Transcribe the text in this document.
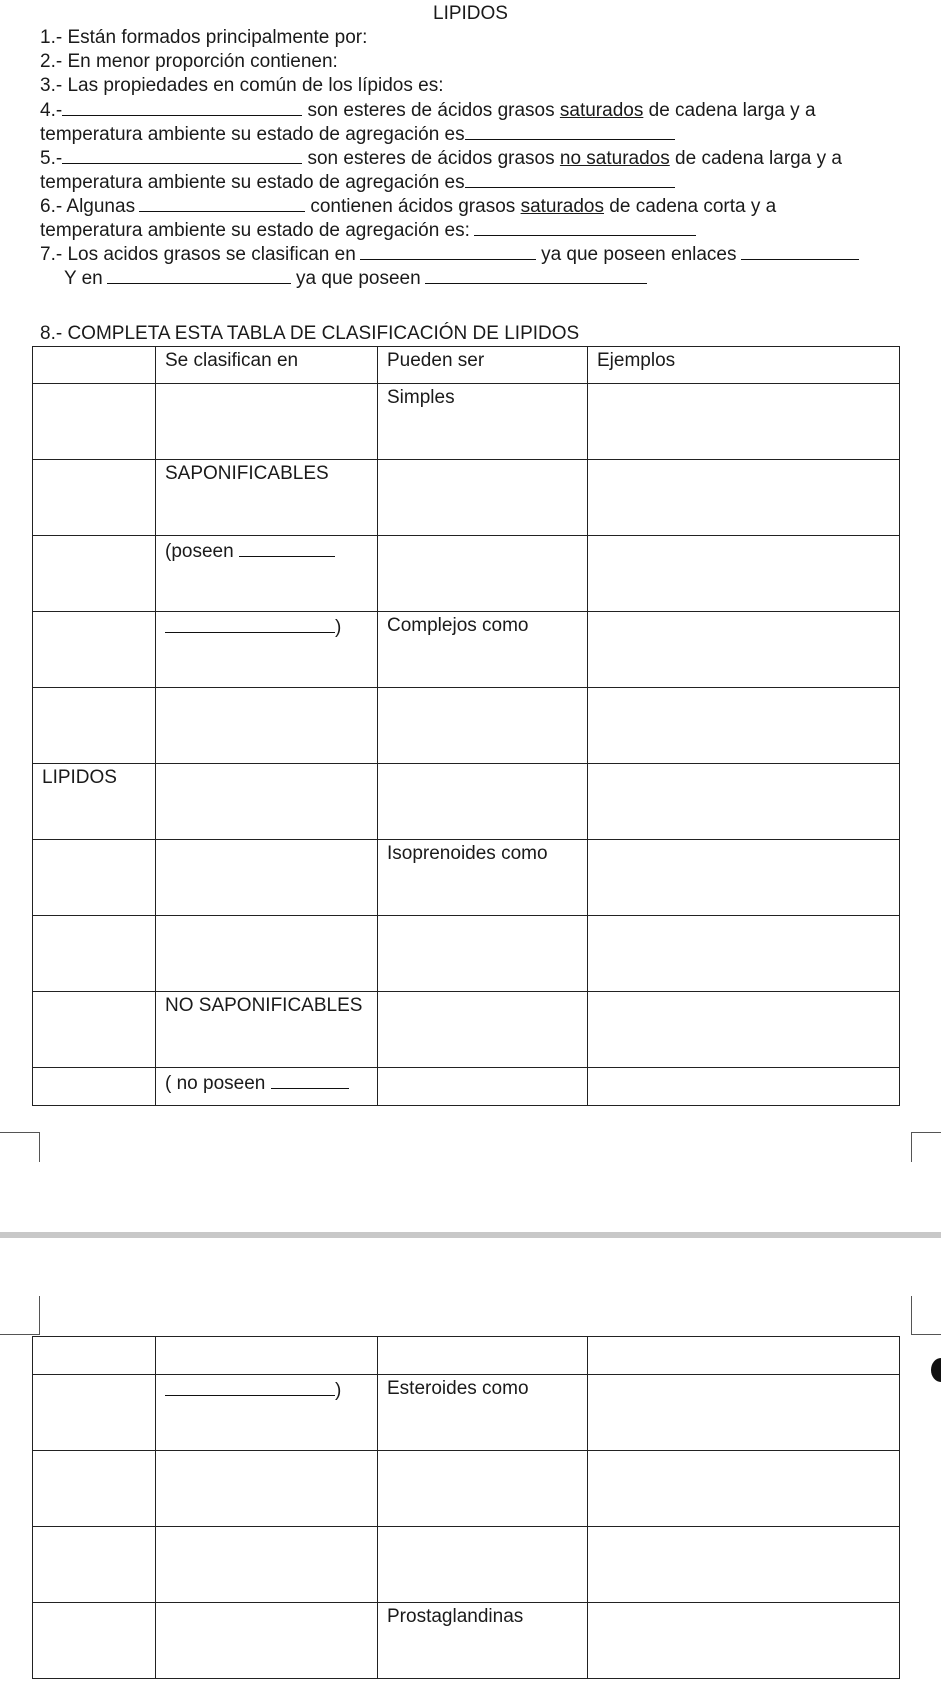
LIPIDOS
1.- Están formados principalmente por:
2.- En menor proporción contienen:
3.- Las propiedades en común de los lípidos es:
4.-	son esteres de ácidos grasos saturados de cadena larga y a
temperatura ambiente su estado de agregación es
5.-	son esteres de ácidos grasos no saturados de cadena larga y a
temperatura ambiente su estado de agregación es
6.- Algunas	contienen ácidos grasos saturados de cadena corta y a
temperatura ambiente su estado de agregación es:
7.- Los acidos grasos se clasifican en	ya que poseen enlaces
Y en	ya que poseen
8.- COMPLETA ESTA TABLA DE CLASIFICACIÓN DE LIPIDOS
	Se clasifican en	Pueden ser	Ejemplos
		Simples	
	SAPONIFICABLES		
	(poseen		
	)	Complejos como	

LIPIDOS			
		Isoprenoides como	

	NO SAPONIFICABLES		
	( no poseen		

	)	Esteroides como	

		Prostaglandinas	
